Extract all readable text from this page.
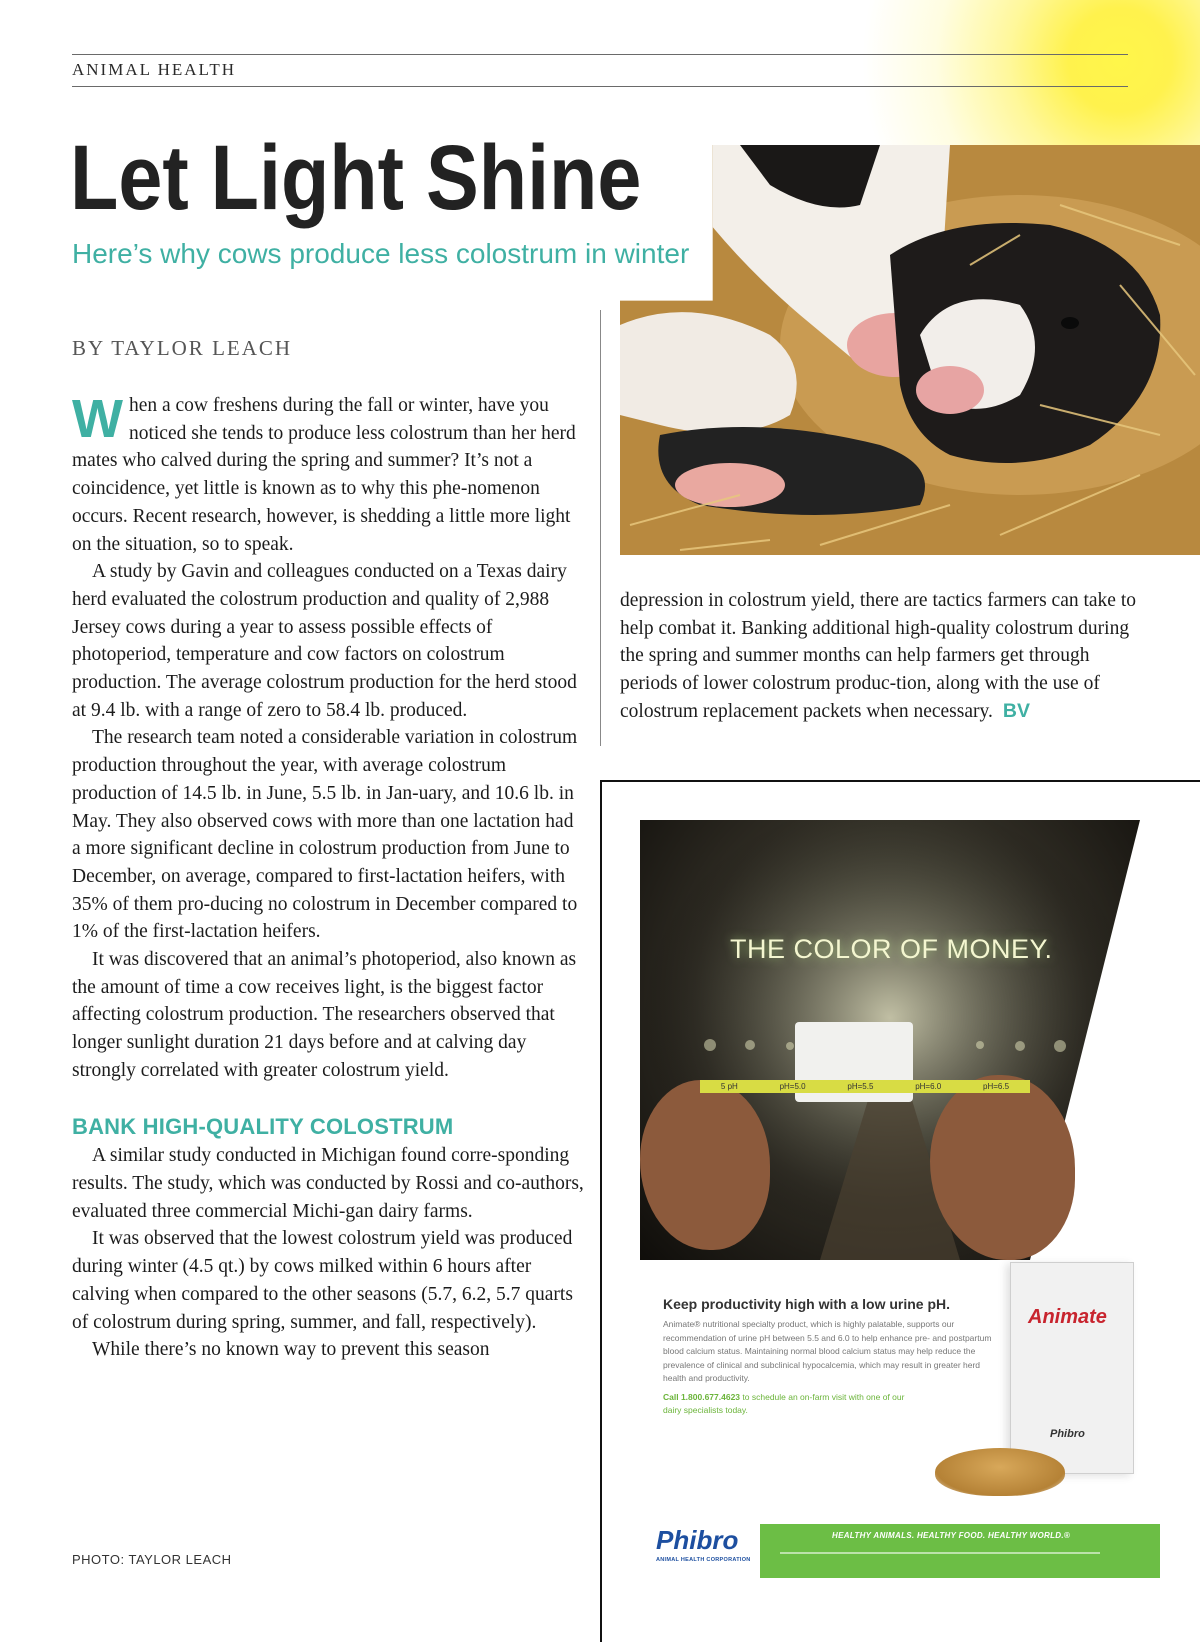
ANIMAL HEALTH
Let Light Shine
Here’s why cows produce less colostrum in winter
BY TAYLOR LEACH

When a cow freshens during the fall or winter, have you noticed she tends to produce less colostrum than her herd mates who calved during the spring and summer? It’s not a coincidence, yet little is known as to why this phe-nomenon occurs. Recent research, however, is shedding a little more light on the situation, so to speak.

A study by Gavin and colleagues conducted on a Texas dairy herd evaluated the colostrum production and quality of 2,988 Jersey cows during a year to assess possible effects of photoperiod, temperature and cow factors on colostrum production. The average colostrum production for the herd stood at 9.4 lb. with a range of zero to 58.4 lb. produced.

The research team noted a considerable variation in colostrum production throughout the year, with average colostrum production of 14.5 lb. in June, 5.5 lb. in Jan-uary, and 10.6 lb. in May. They also observed cows with more than one lactation had a more significant decline in colostrum production from June to December, on average, compared to first-lactation heifers, with 35% of them pro-ducing no colostrum in December compared to 1% of the first-lactation heifers.

It was discovered that an animal’s photoperiod, also known as the amount of time a cow receives light, is the biggest factor affecting colostrum production. The researchers observed that longer sunlight duration 21 days before and at calving day strongly correlated with greater colostrum yield.

BANK HIGH-QUALITY COLOSTRUM

A similar study conducted in Michigan found corre-sponding results. The study, which was conducted by Rossi and co-authors, evaluated three commercial Michi-gan dairy farms.

It was observed that the lowest colostrum yield was produced during winter (4.5 qt.) by cows milked within 6 hours after calving when compared to the other seasons (5.7, 6.2, 5.7 quarts of colostrum during spring, summer, and fall, respectively).

While there’s no known way to prevent this season

depression in colostrum yield, there are tactics farmers can take to help combat it. Banking additional high-quality colostrum during the spring and summer months can help farmers get through periods of lower colostrum produc-tion, along with the use of colostrum replacement packets when necessary. BV

5 pH	pH=5.0	pH=5.5	pH=6.0	pH=6.5
THE COLOR OF MONEY.
Keep productivity high with a low urine pH.
Animate® nutritional specialty product, which is highly palatable, supports our recommendation of urine pH between 5.5 and 6.0 to help enhance pre- and postpartum blood calcium status. Maintaining normal blood calcium status may help reduce the prevalence of clinical and subclinical hypocalcemia, which may result in greater herd health and productivity.
Call 1.800.677.4623 to schedule an on-farm visit with one of our dairy specialists today.
Animate
Phibro
Phibro
ANIMAL HEALTH CORPORATION
HEALTHY ANIMALS. HEALTHY FOOD. HEALTHY WORLD.®
PHOTO: TAYLOR LEACH
